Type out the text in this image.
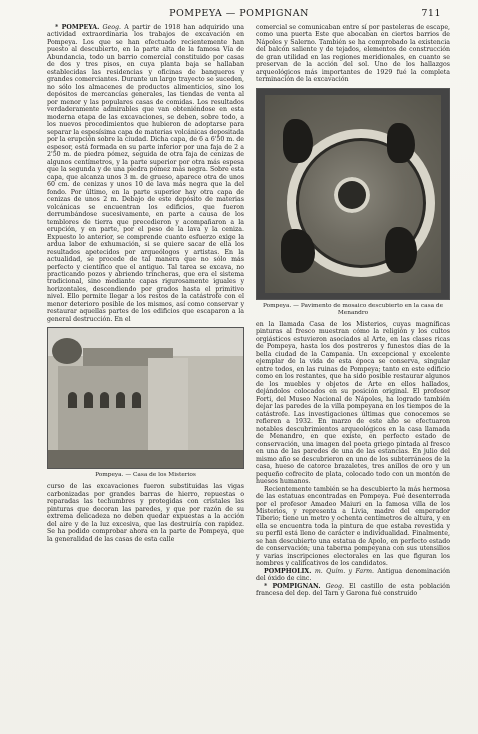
POMPEYA — POMPIGNAN	711

* POMPEYA. Geog. A partir de 1918 han adquirido una actividad extraordinaria los trabajos de excavación en Pompeya. Los que se han efectuado recientemente han puesto al descubierto, en la parte alta de la famosa Vía de Abundancia, todo un barrio comercial constituido por casas de dos y tres pisos, en cuya planta baja se hallaban establecidas las residencias y oficinas de banqueros y grandes comerciantes. Durante un largo trayecto se suceden, no sólo los almacenes de productos alimenticios, sino los depósitos de mercancías generales, las tiendas de venta al por menor y las populares casas de comidas. Los resultados verdaderamente admirables que van obteniéndose en esta moderna etapa de las excavaciones, se deben, sobre todo, a los nuevos procedimientos que hubieron de adoptarse para separar la espesísima capa de materias volcánicas depositada por la erupción sobre la ciudad. Dicha capa, de 6 a 6'50 m. de espesor, está formada en su parte inferior por una faja de 2 a 2'50 m. de piedra pómez, seguida de otra faja de cenizas de algunos centímetros, y la parte superior por otra más espesa que la segunda y de una piedra pómez más negra. Sobre esta capa, que alcanza unos 3 m. de grueso, aparece otra de unos 60 cm. de cenizas y unos 10 de lava más negra que la del fondo. Por último, en la parte superior hay otra capa de cenizas de unos 2 m. Debajo de este depósito de materias volcánicas se encuentran los edificios, que fueron derrumbándose sucesivamente, en parte a causa de los temblores de tierra que precedieron y acompañaron a la erupción, y en parte, por el peso de la lava y la ceniza. Expuesto lo anterior, se comprende cuanto esfuerzo exige la ardua labor de exhumación, si se quiere sacar de ella los resultados apetecidos por arqueólogos y artistas. En la actualidad, se procede de tal manera que no sólo más perfecto y científico que el antiguo. Tal tarea se excava, no practicando pozos y abriendo trincheras, que era el sistema tradicional, sino mediante capas rigurosamente iguales y horizontales, descendiendo por grados hasta el primitivo nivel. Ello permite llegar a los restos de la catástrofe con el menor deterioro posible de los mismos, así como conservar y restaurar aquellas partes de los edificios que escaparon a la general destrucción. En el

Pompeya. — Casa de los Misterios

curso de las excavaciones fueron substituidas las vigas carbonizadas por grandes barras de hierro, repuestas o reparadas las techumbres y protegidas con cristales las pinturas que decoran las paredes, y que por razón de su extrema delicadeza no deben quedar expuestas a la acción del aire y de la luz excesiva, que las destruiría con rapidez. Se ha podido comprobar ahora en la parte de Pompeya, que la generalidad de las casas de esta calle

comercial se comunicaban entre sí por pasteleras de escape, como una puerta Este que abocaban en ciertos barrios de Nápoles y Salerno. También se ha comprobado la existencia del balcón saliente y de tejados, elementos de construcción de gran utilidad en las regiones meridionales, en cuanto se preservan de la acción del sol. Uno de los hallazgos arqueológicos más importantes de 1929 fué la completa terminación de la excavación

Pompeya. — Pavimento de mosaico descubierto en la casa de Menandro

en la llamada Casa de los Misterios, cuyas magníficas pinturas al fresco muestran cómo la religión y los cultos orgiásticos estuvieron asociados al Arte, en las clases ricas de Pompeya, hasta los dos postreros y funestos días de la bella ciudad de la Campania. Un excepcional y excelente ejemplar de la vida de esta época se conserva, singular entre todos, en las ruinas de Pompeya; tanto en este edificio como en los restantes, que ha sido posible restaurar algunos de los muebles y objetos de Arte en ellos hallados, dejándolos colocados en su posición original. El profesor Forti, del Museo Nacional de Nápoles, ha logrado también dejar las paredes de la villa pompeyana en los tiempos de la catástrofe. Las investigaciones últimas que conocemos se refieren a 1932. En marzo de este año se efectuaron notables descubrimientos arqueológicos en la casa llamada de Menandro, en que existe, en perfecto estado de conservación, una imagen del poeta griego pintada al fresco en una de las paredes de una de las estancias. En julio del mismo año se descubrieron en uno de los subterráneos de la casa, hueso de catorce brazaletes, tres anillos de oro y un pequeño cofrecito de plata, colocado todo con un montón de huesos humanos.

Recientemente también se ha descubierto la más hermosa de las estatuas encontradas en Pompeya. Fué desenterrada por el profesor Amadeo Maiuri en la famosa villa de los Misterios, y representa a Livia, madre del emperador Tiberio; tiene un metro y ochenta centímetros de altura, y en ella se encuentra toda la pintura de que estaba revestida y su perfil está lleno de carácter e individualidad. Finalmente, se han descubierto una estatua de Apolo, en perfecto estado de conservación; una taberna pompeyana con sus utensilios y varias inscripciones electorales en las que figuran los nombres y calificativos de los candidatos.

POMPHOLIX. m. Quím. y Farm. Antigua denominación del óxido de cinc.

* POMPIGNAN. Geog. El castillo de esta población francesa del dep. del Tarn y Garona fué construido
